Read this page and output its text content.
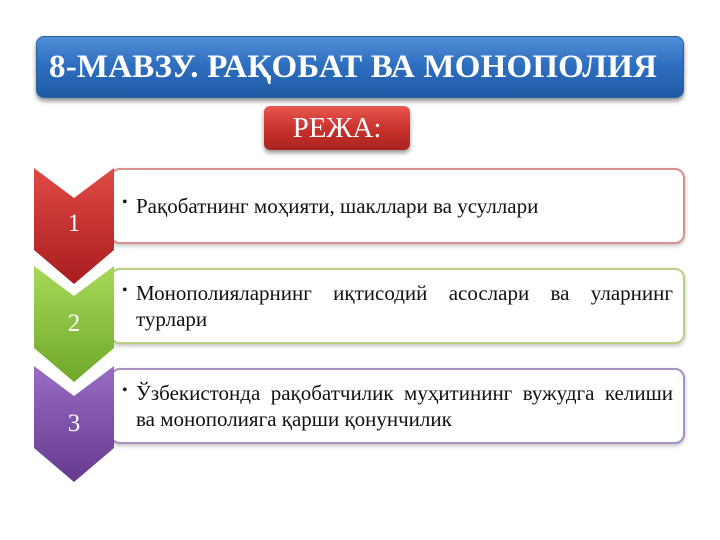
8-МАВЗУ. РАҚОБАТ ВА МОНОПОЛИЯ
РЕЖА:
• Рақобатнинг моҳияти, шакллари ва усуллари
1
• Монополияларнинг иқтисодий асослари ва уларнинг турлари
2
• Ўзбекистонда рақобатчилик муҳитининг вужудга келиши ва монополияга қарши қонунчилик
3
